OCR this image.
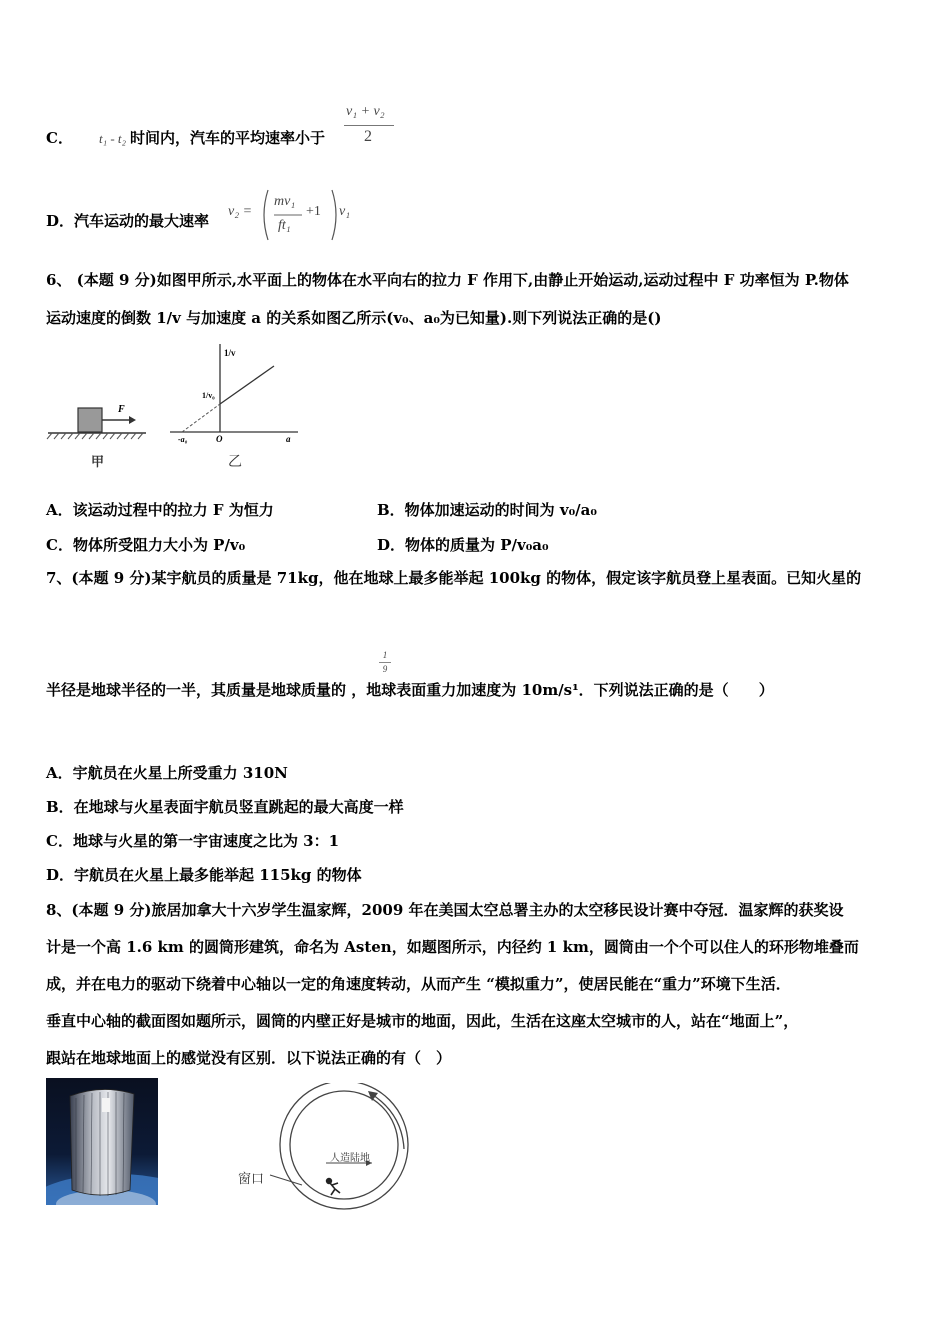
C． t₁ - t₂ 时间内，汽车的平均速率小于
v₁ + v₂
2
D．汽车运动的最大速率
v₂ =
mv₁
ft₁
+1 v₁
6、 (本题 9 分)如图甲所示,水平面上的物体在水平向右的拉力 F 作用下,由静止开始运动,运动过程中 F 功率恒为 P.物体
运动速度的倒数 1/v 与加速度 a 的关系如图乙所示(v₀、a₀为已知量).则下列说法正确的是()
F
甲
1/v
1/v₀
O
-a₀	a
乙
A．该运动过程中的拉力 F 为恒力	B．物体加速运动的时间为 v₀/a₀
C．物体所受阻力大小为 P/v₀	D．物体的质量为 P/v₀a₀
7、(本题 9 分)某宇航员的质量是 71kg，他在地球上最多能举起 100kg 的物体，假定该字航员登上星表面。已知火星的
1
9
半径是地球半径的一半，其质量是地球质量的 ，地球表面重力加速度为 10m/s¹．下列说法正确的是（　　）
A．宇航员在火星上所受重力 310N
B．在地球与火星表面宇航员竖直跳起的最大高度一样
C．地球与火星的第一宇宙速度之比为 3：1
D．宇航员在火星上最多能举起 115kg 的物体
8、(本题 9 分)旅居加拿大十六岁学生温家辉，2009 年在美国太空总署主办的太空移民设计赛中夺冠．温家辉的获奖设
计是一个高 1.6 km 的圆筒形建筑，命名为 Asten，如题图所示，内径约 1 km，圆筒由一个个可以住人的环形物堆叠而
成，并在电力的驱动下绕着中心轴以一定的角速度转动，从而产生 “模拟重力”，使居民能在“重力”环境下生活．
垂直中心轴的截面图如题所示，圆筒的内壁正好是城市的地面，因此，生活在这座太空城市的人，站在“地面上”，
跟站在地球地面上的感觉没有区别．以下说法正确的有（　）
人造陆地
窗口
